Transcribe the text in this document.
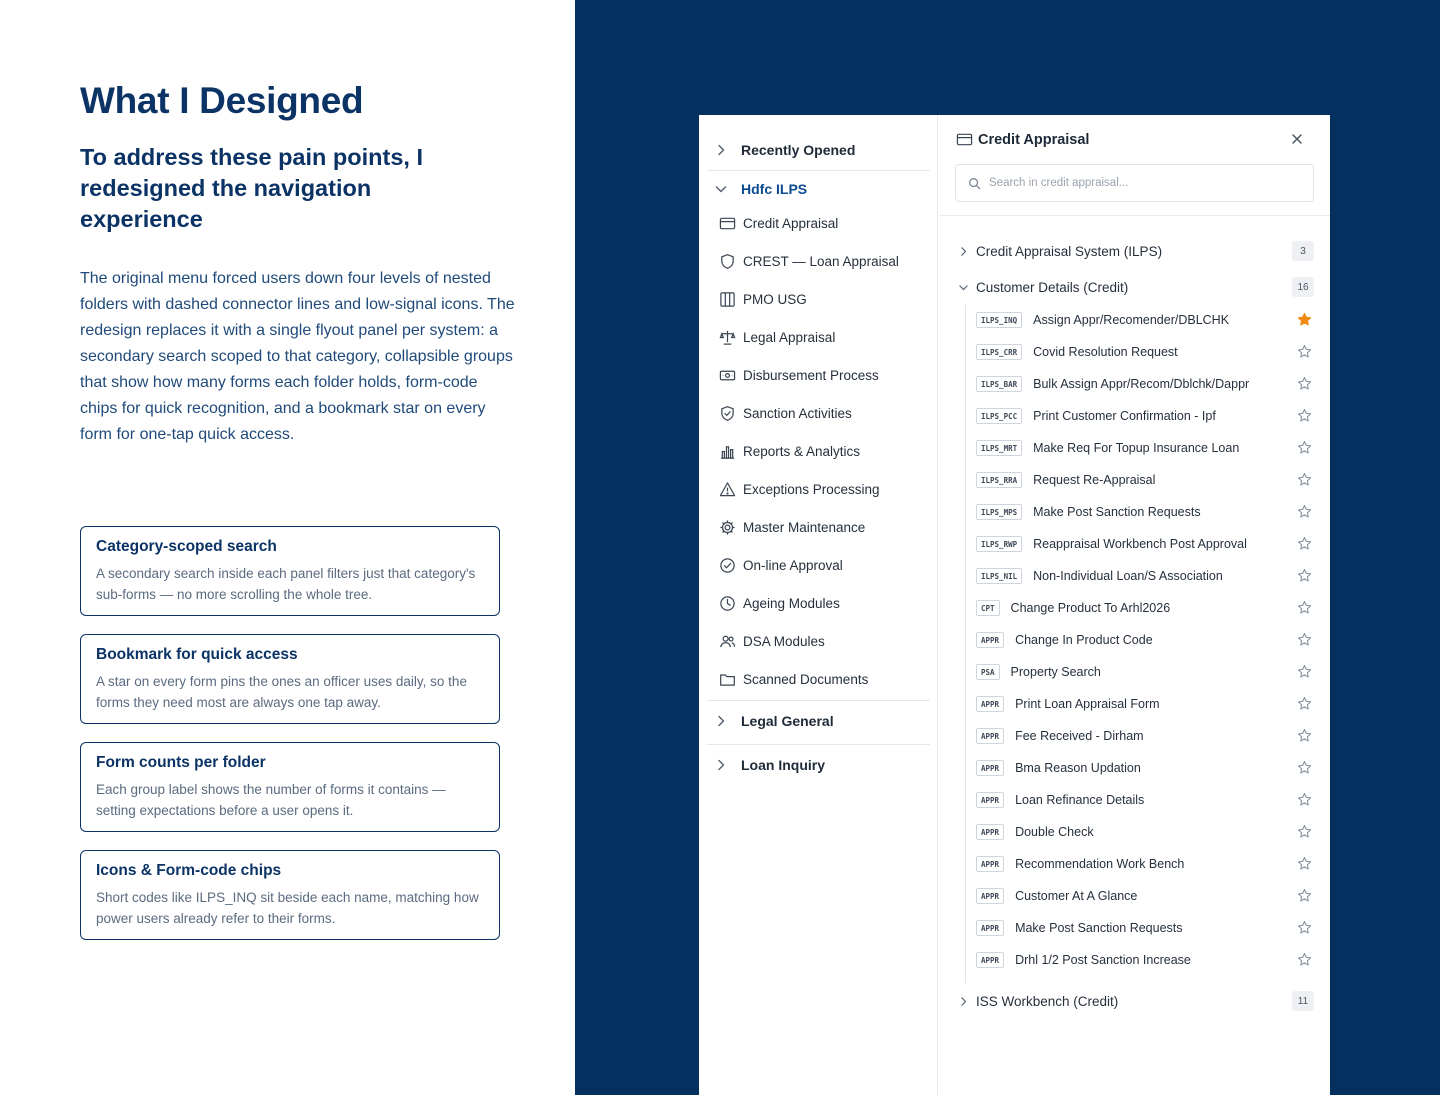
What I Designed
To address these pain points, I redesigned the navigation experience

The original menu forced users down four levels of nested folders with dashed connector lines and low-signal icons. The redesign replaces it with a single flyout panel per system: a secondary search scoped to that category, collapsible groups that show how many forms each folder holds, form-code chips for quick recognition, and a bookmark star on every form for one-tap quick access.

Category-scoped search
A secondary search inside each panel filters just that category's sub-forms — no more scrolling the whole tree.
Bookmark for quick access
A star on every form pins the ones an officer uses daily, so the forms they need most are always one tap away.
Form counts per folder
Each group label shows the number of forms it contains — setting expectations before a user opens it.
Icons & Form-code chips
Short codes like ILPS_INQ sit beside each name, matching how power users already refer to their forms.
Recently Opened
Hdfc ILPS
Credit Appraisal
CREST — Loan Appraisal
PMO USG
Legal Appraisal
Disbursement Process
Sanction Activities
Reports & Analytics
Exceptions Processing
Master Maintenance
On-line Approval
Ageing Modules
DSA Modules
Scanned Documents
Legal General
Loan Inquiry
Credit Appraisal
Search in credit appraisal...
Credit Appraisal System (ILPS)	3
Customer Details (Credit)	16
ILPS_INQ	Assign Appr/Recomender/DBLCHK
ILPS_CRR	Covid Resolution Request
ILPS_BAR	Bulk Assign Appr/Recom/Dblchk/Dappr
ILPS_PCC	Print Customer Confirmation - Ipf
ILPS_MRT	Make Req For Topup Insurance Loan
ILPS_RRA	Request Re-Appraisal
ILPS_MPS	Make Post Sanction Requests
ILPS_RWP	Reappraisal Workbench Post Approval
ILPS_NIL	Non-Individual Loan/S Association
CPT	Change Product To Arhl2026
APPR	Change In Product Code
PSA	Property Search
APPR	Print Loan Appraisal Form
APPR	Fee Received - Dirham
APPR	Bma Reason Updation
APPR	Loan Refinance Details
APPR	Double Check
APPR	Recommendation Work Bench
APPR	Customer At A Glance
APPR	Make Post Sanction Requests
APPR	Drhl 1/2 Post Sanction Increase
ISS Workbench (Credit)	11
